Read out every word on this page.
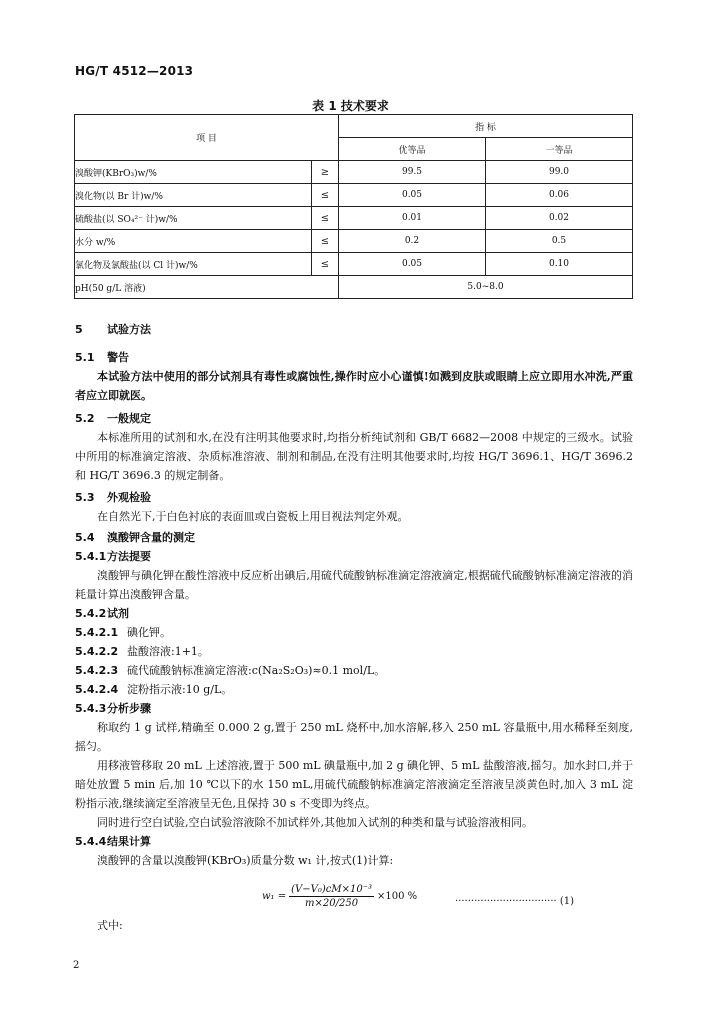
HG/T 4512—2013
表 1 技术要求
项 目		指 标	
		优等品	一等品
溴酸钾(KBrO₃)w/%	≥	99.5	99.0
溴化物(以 Br 计)w/%	≤	0.05	0.06
硫酸盐(以 SO₄²⁻ 计)w/%	≤	0.01	0.02
水分 w/%	≤	0.2	0.5
氯化物及氯酸盐(以 Cl 计)w/%	≤	0.05	0.10
pH(50 g/L 溶液)		5.0~8.0	
5 试验方法
5.1 警告
本试验方法中使用的部分试剂具有毒性或腐蚀性,操作时应小心谨慎!如溅到皮肤或眼睛上应立即用水冲洗,严重者应立即就医。
5.2 一般规定
本标准所用的试剂和水,在没有注明其他要求时,均指分析纯试剂和 GB/T 6682—2008 中规定的三级水。试验中所用的标准滴定溶液、杂质标准溶液、制剂和制品,在没有注明其他要求时,均按 HG/T 3696.1、HG/T 3696.2 和 HG/T 3696.3 的规定制备。
5.3 外观检验
在自然光下,于白色衬底的表面皿或白瓷板上用目视法判定外观。
5.4 溴酸钾含量的测定
5.4.1方法提要
溴酸钾与碘化钾在酸性溶液中反应析出碘后,用硫代硫酸钠标准滴定溶液滴定,根据硫代硫酸钠标准滴定溶液的消耗量计算出溴酸钾含量。
5.4.2试剂
5.4.2.1 碘化钾。
5.4.2.2 盐酸溶液:1+1。
5.4.2.3 硫代硫酸钠标准滴定溶液:c(Na₂S₂O₃)≈0.1 mol/L。
5.4.2.4 淀粉指示液:10 g/L。
5.4.3分析步骤
称取约 1 g 试样,精确至 0.000 2 g,置于 250 mL 烧杯中,加水溶解,移入 250 mL 容量瓶中,用水稀释至刻度,摇匀。
用移液管移取 20 mL 上述溶液,置于 500 mL 碘量瓶中,加 2 g 碘化钾、5 mL 盐酸溶液,摇匀。加水封口,并于暗处放置 5 min 后,加 10 ℃以下的水 150 mL,用硫代硫酸钠标准滴定溶液滴定至溶液呈淡黄色时,加入 3 mL 淀粉指示液,继续滴定至溶液呈无色,且保持 30 s 不变即为终点。
同时进行空白试验,空白试验溶液除不加试样外,其他加入试剂的种类和量与试验溶液相同。
5.4.4结果计算
溴酸钾的含量以溴酸钾(KBrO₃)质量分数 w₁ 计,按式(1)计算:
$w_1 = \frac{\text{(V−V₀)cM×10⁻³}}{m\times 20/250} \times 100$ %	································ (1)
式中:
2
